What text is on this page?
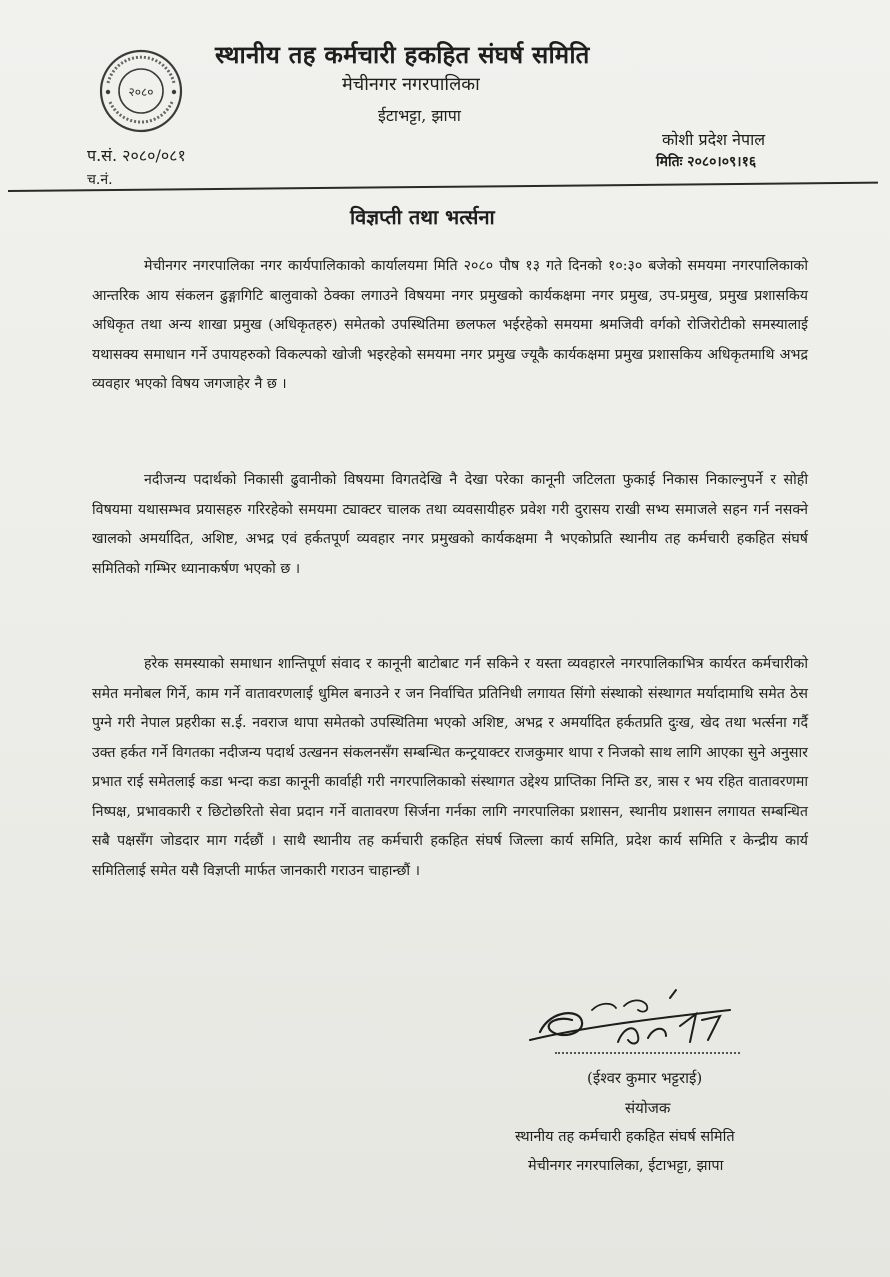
२०८०
स्थानीय तह कर्मचारी हकहित संघर्ष समिति
मेचीनगर नगरपालिका
ईटाभट्टा, झापा
कोशी प्रदेश नेपाल
मितिः २०८०।०९।१६
प.सं. २०८०/०८१
च.नं.
विज्ञप्ती तथा भर्त्सना

मेचीनगर नगरपालिका नगर कार्यपालिकाको कार्यालयमा मिति २०८० पौष १३ गते दिनको १०:३० बजेको समयमा नगरपालिकाको आन्तरिक आय संकलन ढुङ्गागिटि बालुवाको ठेक्का लगाउने विषयमा नगर प्रमुखको कार्यकक्षमा नगर प्रमुख, उप-प्रमुख, प्रमुख प्रशासकिय अधिकृत तथा अन्य शाखा प्रमुख (अधिकृतहरु) समेतको उपस्थितिमा छलफल भईरहेको समयमा श्रमजिवी वर्गको रोजिरोटीको समस्यालाई यथासक्य समाधान गर्ने उपायहरुको विकल्पको खोजी भइरहेको समयमा नगर प्रमुख ज्यूकै कार्यकक्षमा प्रमुख प्रशासकिय अधिकृतमाथि अभद्र व्यवहार भएको विषय जगजाहेर नै छ ।

नदीजन्य पदार्थको निकासी ढुवानीको विषयमा विगतदेखि नै देखा परेका कानूनी जटिलता फुकाई निकास निकाल्नुपर्ने र सोही विषयमा यथासम्भव प्रयासहरु गरिरहेको समयमा ट्याक्टर चालक तथा व्यवसायीहरु प्रवेश गरी दुरासय राखी सभ्य समाजले सहन गर्न नसक्ने खालको अमर्यादित, अशिष्ट, अभद्र एवं हर्कतपूर्ण व्यवहार नगर प्रमुखको कार्यकक्षमा नै भएकोप्रति स्थानीय तह कर्मचारी हकहित संघर्ष समितिको गम्भिर ध्यानाकर्षण भएको छ ।

हरेक समस्याको समाधान शान्तिपूर्ण संवाद र कानूनी बाटोबाट गर्न सकिने र यस्ता व्यवहारले नगरपालिकाभित्र कार्यरत कर्मचारीको समेत मनोबल गिर्ने, काम गर्ने वातावरणलाई धुमिल बनाउने र जन निर्वाचित प्रतिनिधी लगायत सिंगो संस्थाको संस्थागत मर्यादामाथि समेत ठेस पुग्ने गरी नेपाल प्रहरीका स.ई. नवराज थापा समेतको उपस्थितिमा भएको अशिष्ट, अभद्र र अमर्यादित हर्कतप्रति दुःख, खेद तथा भर्त्सना गर्दै उक्त हर्कत गर्ने विगतका नदीजन्य पदार्थ उत्खनन संकलनसँग सम्बन्धित कन्ट्रयाक्टर राजकुमार थापा र निजको साथ लागि आएका सुने अनुसार प्रभात राई समेतलाई कडा भन्दा कडा कानूनी कार्वाही गरी नगरपालिकाको संस्थागत उद्देश्य प्राप्तिका निम्ति डर, त्रास र भय रहित वातावरणमा निष्पक्ष, प्रभावकारी र छिटोछरितो सेवा प्रदान गर्ने वातावरण सिर्जना गर्नका लागि नगरपालिका प्रशासन, स्थानीय प्रशासन लगायत सम्बन्धित सबै पक्षसँग जोडदार माग गर्दछौं । साथै स्थानीय तह कर्मचारी हकहित संघर्ष जिल्ला कार्य समिति, प्रदेश कार्य समिति र केन्द्रीय कार्य समितिलाई समेत यसै विज्ञप्ती मार्फत जानकारी गराउन चाहान्छौं ।

(ईश्वर कुमार भट्टराई)
संयोजक
स्थानीय तह कर्मचारी हकहित संघर्ष समिति
मेचीनगर नगरपालिका, ईटाभट्टा, झापा
